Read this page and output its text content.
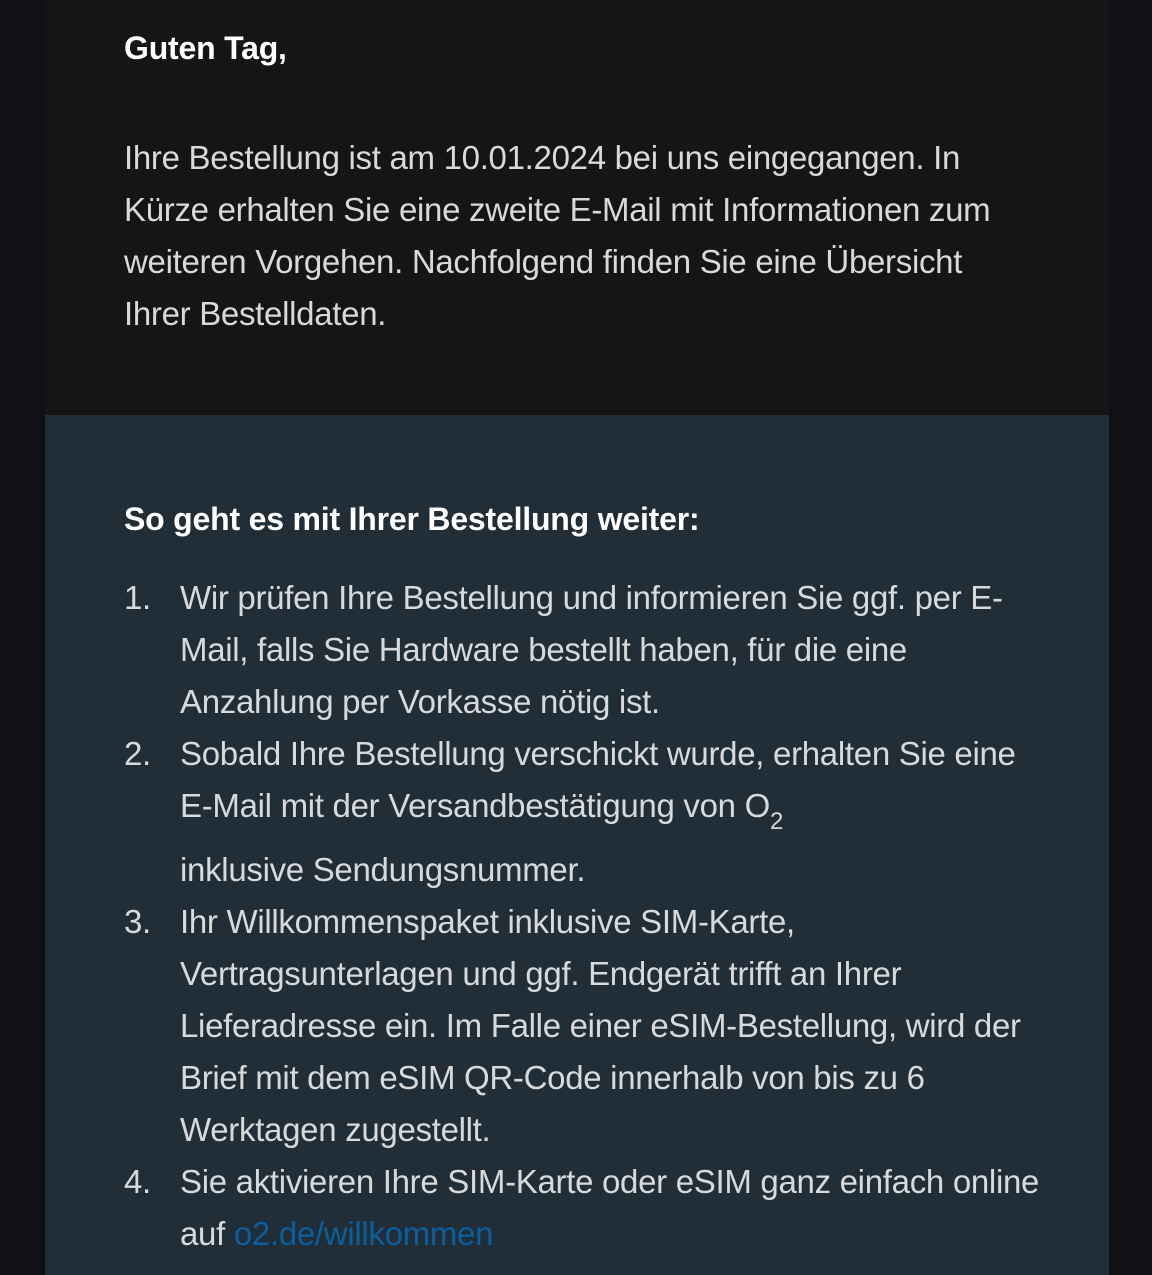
Guten Tag,

Ihre Bestellung ist am 10.01.2024 bei uns eingegangen. In Kürze erhalten Sie eine zweite E-Mail mit Informationen zum weiteren Vorgehen. Nachfolgend finden Sie eine Übersicht Ihrer Bestelldaten.

So geht es mit Ihrer Bestellung weiter:
1. Wir prüfen Ihre Bestellung und informieren Sie ggf. per E-Mail, falls Sie Hardware bestellt haben, für die eine Anzahlung per Vorkasse nötig ist.
2. Sobald Ihre Bestellung verschickt wurde, erhalten Sie eine E-Mail mit der Versandbestätigung von $O_2$
inklusive Sendungsnummer.
3. Ihr Willkommenspaket inklusive SIM-Karte, Vertragsunterlagen und ggf. Endgerät trifft an Ihrer Lieferadresse ein. Im Falle einer eSIM-Bestellung, wird der Brief mit dem eSIM QR-Code innerhalb von bis zu 6 Werktagen zugestellt.
4. Sie aktivieren Ihre SIM-Karte oder eSIM ganz einfach online auf o2.de/willkommen
